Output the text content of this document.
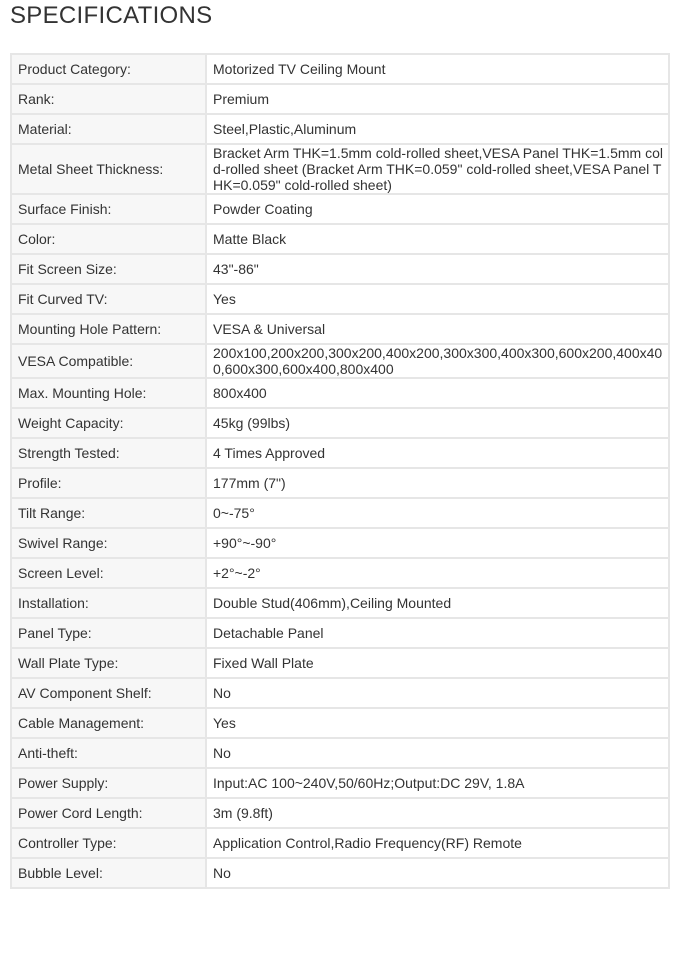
SPECIFICATIONS
Product Category:	Motorized TV Ceiling Mount
Rank:	Premium
Material:	Steel,Plastic,Aluminum
Metal Sheet Thickness:	Bracket Arm THK=1.5mm cold-rolled sheet,VESA Panel THK=1.5mm cold-rolled sheet (Bracket Arm THK=0.059" cold-rolled sheet,VESA Panel THK=0.059" cold-rolled sheet)
Surface Finish:	Powder Coating
Color:	Matte Black
Fit Screen Size:	43"-86"
Fit Curved TV:	Yes
Mounting Hole Pattern:	VESA & Universal
VESA Compatible:	200x100,200x200,300x200,400x200,300x300,400x300,600x200,400x400,600x300,600x400,800x400
Max. Mounting Hole:	800x400
Weight Capacity:	45kg (99lbs)
Strength Tested:	4 Times Approved
Profile:	177mm (7")
Tilt Range:	0~-75°
Swivel Range:	+90°~-90°
Screen Level:	+2°~-2°
Installation:	Double Stud(406mm),Ceiling Mounted
Panel Type:	Detachable Panel
Wall Plate Type:	Fixed Wall Plate
AV Component Shelf:	No
Cable Management:	Yes
Anti-theft:	No
Power Supply:	Input:AC 100~240V,50/60Hz;Output:DC 29V, 1.8A
Power Cord Length:	3m (9.8ft)
Controller Type:	Application Control,Radio Frequency(RF) Remote
Bubble Level:	No
